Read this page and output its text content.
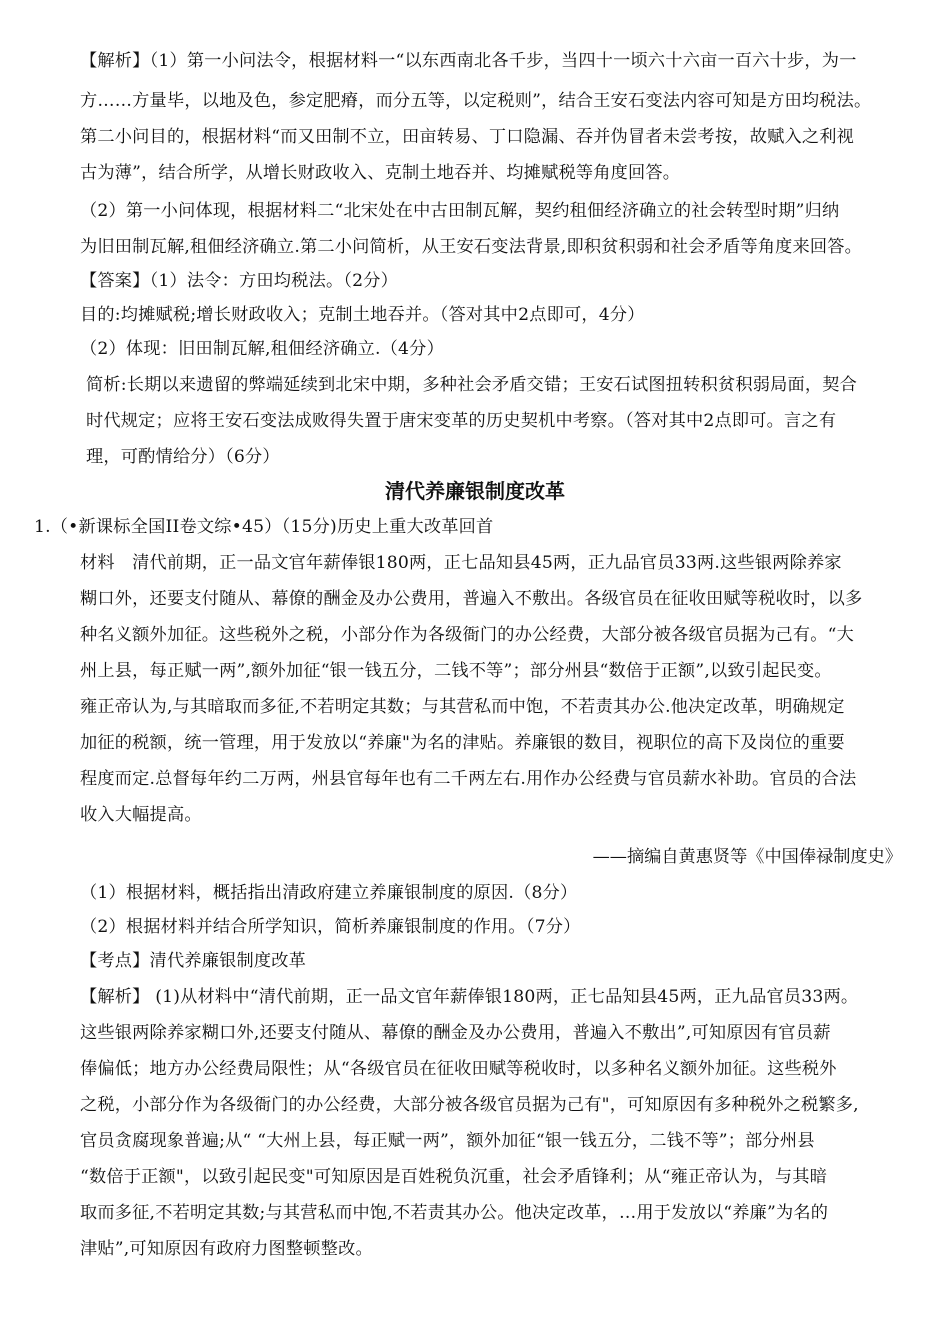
【解析】（1）第一小问法令，根据材料一“以东西南北各千步，当四十一顷六十六亩一百六十步，为一
方……方量毕，以地及色，参定肥瘠，而分五等，以定税则”，结合王安石变法内容可知是方田均税法。
第二小问目的，根据材料“而又田制不立，田亩转易、丁口隐漏、吞并伪冒者未尝考按，故赋入之利视
古为薄”，结合所学，从增长财政收入、克制土地吞并、均摊赋税等角度回答。
（2）第一小问体现，根据材料二“北宋处在中古田制瓦解，契约租佃经济确立的社会转型时期”归纳
为旧田制瓦解,租佃经济确立.第二小问简析，从王安石变法背景,即积贫积弱和社会矛盾等角度来回答。
【答案】（1）法令：方田均税法。（2分）
目的:均摊赋税;增长财政收入；克制土地吞并。（答对其中2点即可，4分）
（2）体现：旧田制瓦解,租佃经济确立.（4分）
简析:长期以来遗留的弊端延续到北宋中期，多种社会矛盾交错；王安石试图扭转积贫积弱局面，契合
时代规定；应将王安石变法成败得失置于唐宋变革的历史契机中考察。（答对其中2点即可。言之有
理，可酌情给分）（6分）
清代养廉银制度改革
1.（•新课标全国II卷文综•45）（15分)历史上重大改革回首
材料　清代前期，正一品文官年薪俸银180两，正七品知县45两，正九品官员33两.这些银两除养家
糊口外，还要支付随从、幕僚的酬金及办公费用，普遍入不敷出。各级官员在征收田赋等税收时，以多
种名义额外加征。这些税外之税，小部分作为各级衙门的办公经费，大部分被各级官员据为己有。“大
州上县，每正赋一两”,额外加征“银一钱五分，二钱不等”；部分州县“数倍于正额”,以致引起民变。
雍正帝认为,与其暗取而多征,不若明定其数；与其营私而中饱，不若责其办公.他决定改革，明确规定
加征的税额，统一管理，用于发放以“养廉"为名的津贴。养廉银的数目，视职位的高下及岗位的重要
程度而定.总督每年约二万两，州县官每年也有二千两左右.用作办公经费与官员薪水补助。官员的合法
收入大幅提高。
——摘编自黄惠贤等《中国俸禄制度史》
（1）根据材料，概括指出清政府建立养廉银制度的原因.（8分）
（2）根据材料并结合所学知识，简析养廉银制度的作用。（7分）
【考点】清代养廉银制度改革
【解析】 (1)从材料中“清代前期，正一品文官年薪俸银180两，正七品知县45两，正九品官员33两。
这些银两除养家糊口外,还要支付随从、幕僚的酬金及办公费用，普遍入不敷出”,可知原因有官员薪
俸偏低；地方办公经费局限性；从“各级官员在征收田赋等税收时，以多种名义额外加征。这些税外
之税，小部分作为各级衙门的办公经费，大部分被各级官员据为己有"，可知原因有多种税外之税繁多,
官员贪腐现象普遍;从“ “大州上县，每正赋一两”，额外加征“银一钱五分，二钱不等”；部分州县
“数倍于正额"，以致引起民变"可知原因是百姓税负沉重，社会矛盾锋利；从“雍正帝认为，与其暗
取而多征,不若明定其数;与其营私而中饱,不若责其办公。他决定改革，…用于发放以“养廉”为名的
津贴”,可知原因有政府力图整顿整改。
